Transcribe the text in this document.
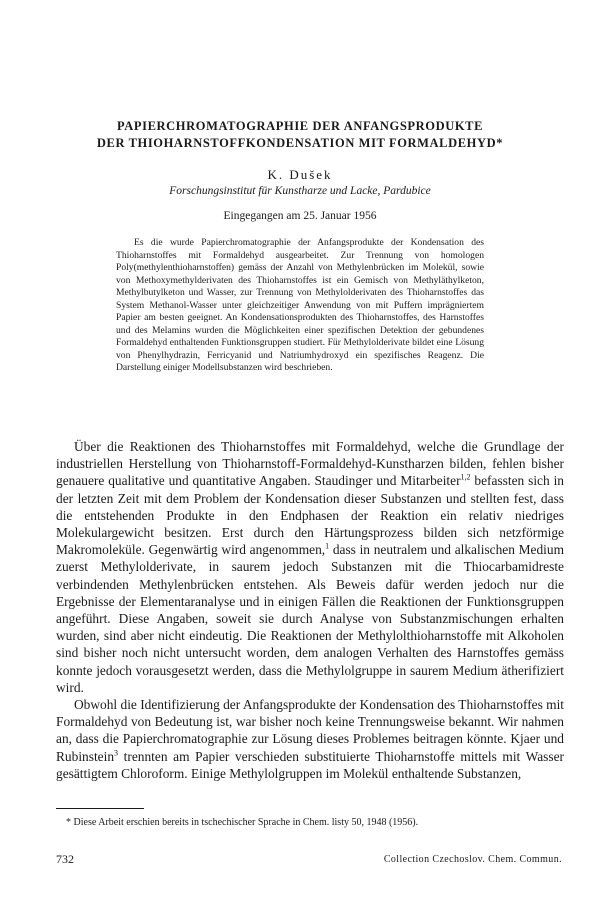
PAPIERCHROMATOGRAPHIE DER ANFANGSPRODUKTE
DER THIOHARNSTOFFKONDENSATION MIT FORMALDEHYD*
K. Dušek
Forschungsinstitut für Kunstharze und Lacke, Pardubice
Eingegangen am 25. Januar 1956
Es die wurde Papierchromatographie der Anfangsprodukte der Kondensation des Thioharnstoffes mit Formaldehyd ausgearbeitet. Zur Trennung von homologen Poly(methylenthioharnstoffen) gemäss der Anzahl von Methylenbrücken im Molekül, sowie von Methoxymethylderivaten des Thioharnstoffes ist ein Gemisch von Methyläthylketon, Methylbutylketon und Wasser, zur Trennung von Methylolderivaten des Thioharnstoffes das System Methanol-Wasser unter gleichzeitiger Anwendung von mit Puffern imprägniertem Papier am besten geeignet. An Kondensationsprodukten des Thioharnstoffes, des Harnstoffes und des Melamins wurden die Möglichkeiten einer spezifischen Detektion der gebundenes Formaldehyd enthaltenden Funktionsgruppen studiert. Für Methylolderivate bildet eine Lösung von Phenylhydrazin, Ferricyanid und Natriumhydroxyd ein spezifisches Reagenz. Die Darstellung einiger Modellsubstanzen wird beschrieben.

Über die Reaktionen des Thioharnstoffes mit Formaldehyd, welche die Grundlage der industriellen Herstellung von Thioharnstoff-Formaldehyd-Kunstharzen bilden, fehlen bisher genauere qualitative und quantitative Angaben. Staudinger und Mitarbeiter$^{1,2}$ befassten sich in der letzten Zeit mit dem Problem der Kondensation dieser Substanzen und stellten fest, dass die entstehenden Produkte in den Endphasen der Reaktion ein relativ niedriges Molekulargewicht besitzen. Erst durch den Härtungsprozess bilden sich netzförmige Makromoleküle. Gegenwärtig wird angenommen,$^1$ dass in neutralem und alkalischen Medium zuerst Methylolderivate, in saurem jedoch Substanzen mit die Thiocarbamidreste verbindenden Methylenbrücken entstehen. Als Beweis dafür werden jedoch nur die Ergebnisse der Elementaranalyse und in einigen Fällen die Reaktionen der Funktionsgruppen angeführt. Diese Angaben, soweit sie durch Analyse von Substanzmischungen erhalten wurden, sind aber nicht eindeutig. Die Reaktionen der Methylolthioharnstoffe mit Alkoholen sind bisher noch nicht untersucht worden, dem analogen Verhalten des Harnstoffes gemäss konnte jedoch vorausgesetzt werden, dass die Methylolgruppe in saurem Medium ätherifiziert wird.

Obwohl die Identifizierung der Anfangsprodukte der Kondensation des Thioharnstoffes mit Formaldehyd von Bedeutung ist, war bisher noch keine Trennungsweise bekannt. Wir nahmen an, dass die Papierchromatographie zur Lösung dieses Problemes beitragen könnte. Kjaer und Rubinstein$^3$ trennten am Papier verschieden substituierte Thioharnstoffe mittels mit Wasser gesättigtem Chloroform. Einige Methylolgruppen im Molekül enthaltende Substanzen,

* Diese Arbeit erschien bereits in tschechischer Sprache in Chem. listy 50, 1948 (1956).
732	Collection Czechoslov. Chem. Commun.
